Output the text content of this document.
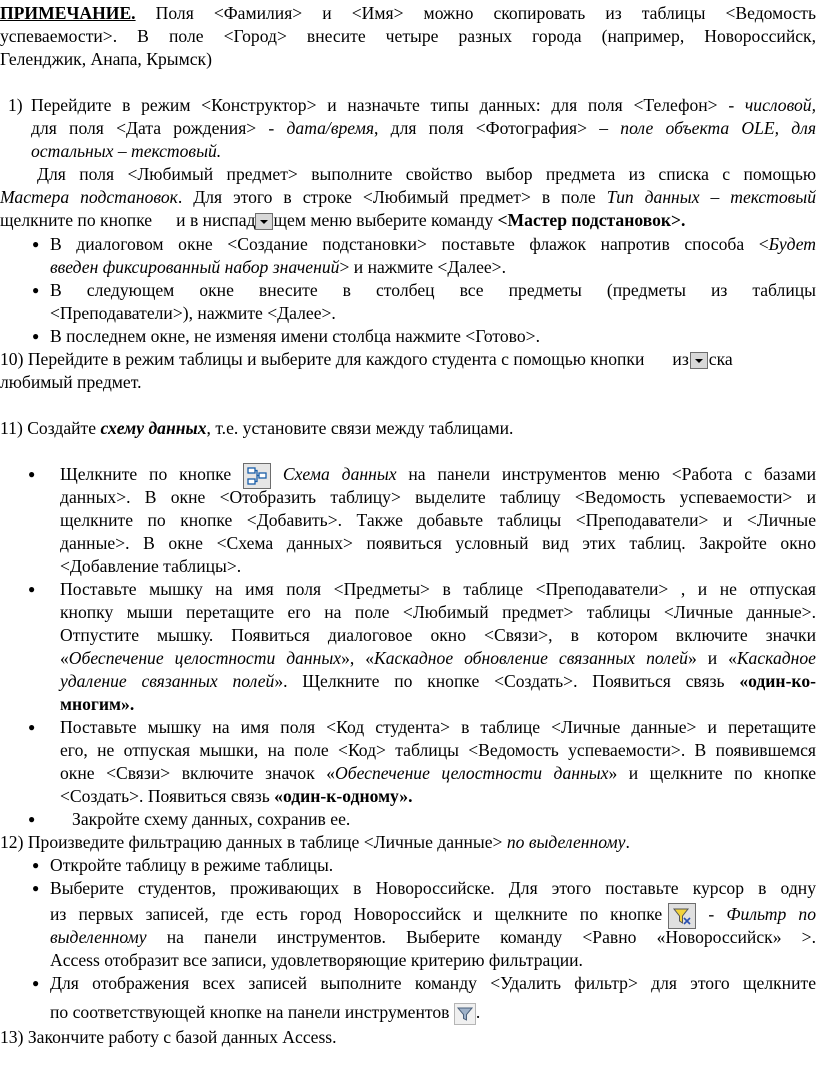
ПРИМЕЧАНИЕ. Поля <Фамилия> и <Имя> можно скопировать из таблицы <Ведомость
успеваемости>. В поле <Город> внесите четыре разных города (например, Новороссийск,
Геленджик, Анапа, Крымск)
1) Перейдите в режим <Конструктор> и назначьте типы данных: для поля <Телефон> - числовой,
для поля <Дата рождения> - дата/время, для поля <Фотография> – поле объекта OLE, для
остальных – текстовый.
Для поля <Любимый предмет> выполните свойство выбор предмета из списка с помощью
Мастера подстановок. Для этого в строке <Любимый предмет> в поле Тип данных – текстовый
щелкните по кнопке и в ниспад щем меню выберите команду <Мастер подстановок>.
● В диалоговом окне <Создание подстановки> поставьте флажок напротив способа <Будет
введен фиксированный набор значений> и нажмите <Далее>.
● В следующем окне внесите в столбец все предметы (предметы из таблицы
<Преподаватели>), нажмите <Далее>.
● В последнем окне, не изменяя имени столбца нажмите <Готово>.
10) Перейдите в режим таблицы и выберите для каждого студента с помощью кнопки из ска
любимый предмет.
11) Создайте схему данных, т.е. установите связи между таблицами.
● Щелкните по кнопке	Схема данных на панели инструментов меню <Работа с базами
данных>. В окне <Отобразить таблицу> выделите таблицу <Ведомость успеваемости> и
щелкните по кнопке <Добавить>. Также добавьте таблицы <Преподаватели> и <Личные
данные>. В окне <Схема данных> появиться условный вид этих таблиц. Закройте окно
<Добавление таблицы>.
● Поставьте мышку на имя поля <Предметы> в таблице <Преподаватели> , и не отпуская
кнопку мыши перетащите его на поле <Любимый предмет> таблицы <Личные данные>.
Отпустите мышку. Появиться диалоговое окно <Связи>, в котором включите значки
«Обеспечение целостности данных», «Каскадное обновление связанных полей» и «Каскадное
удаление связанных полей». Щелкните по кнопке <Создать>. Появиться связь «один-ко-
многим».
● Поставьте мышку на имя поля <Код студента> в таблице <Личные данные> и перетащите
его, не отпуская мышки, на поле <Код> таблицы <Ведомость успеваемости>. В появившемся
окне <Связи> включите значок «Обеспечение целостности данных» и щелкните по кнопке
<Создать>. Появиться связь «один-к-одному».
● Закройте схему данных, сохранив ее.
12) Произведите фильтрацию данных в таблице <Личные данные> по выделенному.
● Откройте таблицу в режиме таблицы.
● Выберите студентов, проживающих в Новороссийске. Для этого поставьте курсор в одну
из первых записей, где есть город Новороссийск и щелкните по кнопке	- Фильтр по
выделенному на панели инструментов. Выберите команду <Равно «Новороссийск» >.
Access отобразит все записи, удовлетворяющие критерию фильтрации.
● Для отображения всех записей выполните команду <Удалить фильтр> для этого щелкните
по соответствующей кнопке на панели инструментов .
13) Закончите работу с базой данных Access.
